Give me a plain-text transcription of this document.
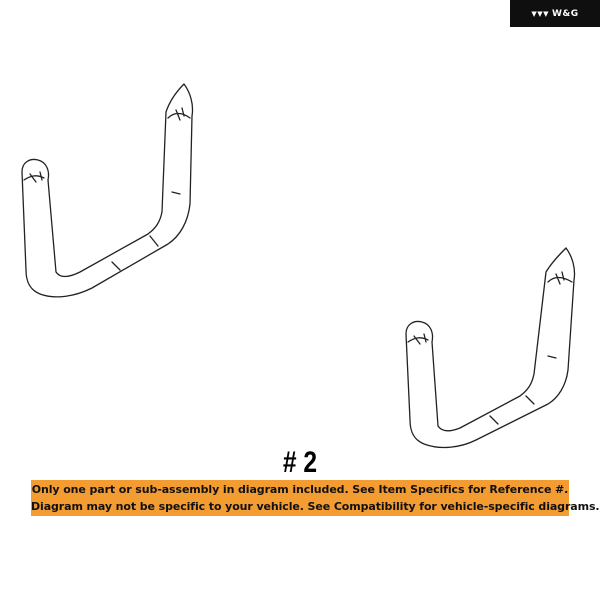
▼▼▼ W&G
# 2
Only one part or sub-assembly in diagram included. See Item Specifics for Reference #.
Diagram may not be specific to your vehicle. See Compatibility for vehicle-specific diagrams.
